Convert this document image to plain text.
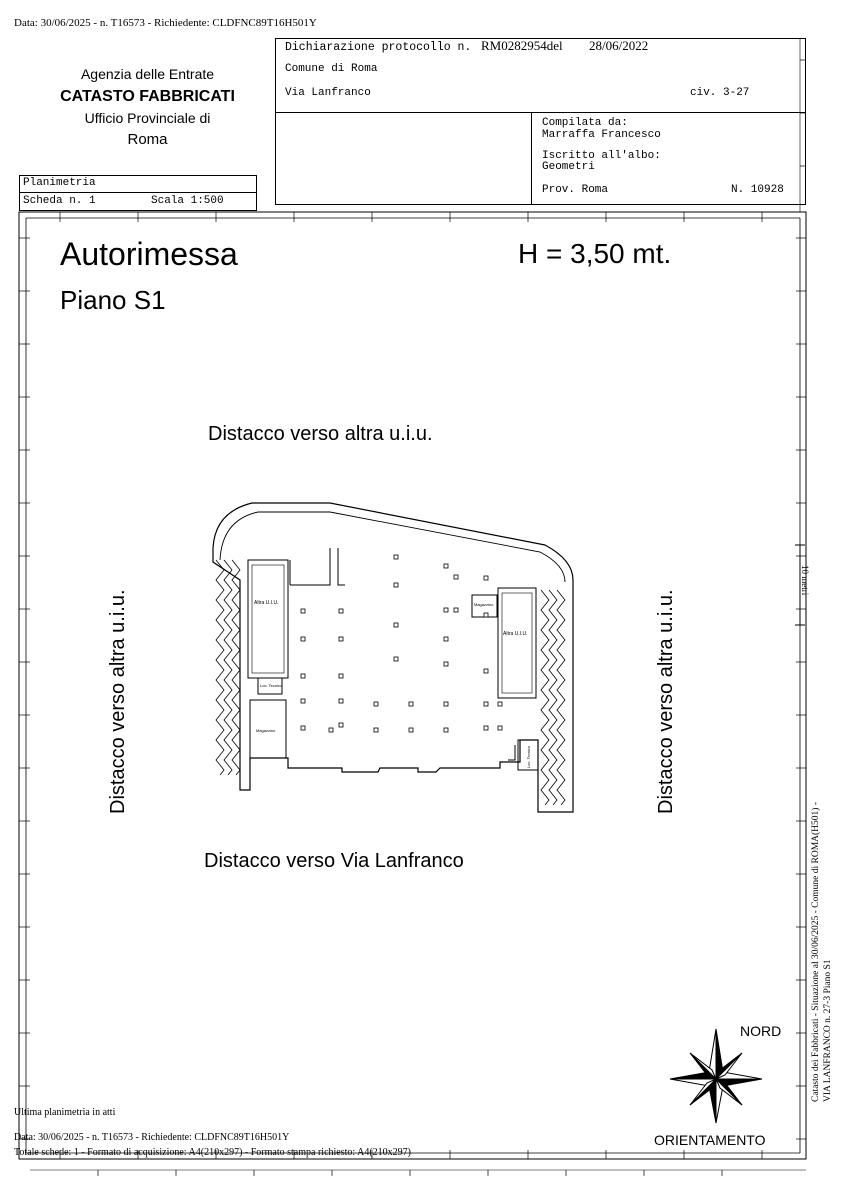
Data: 30/06/2025 - n. T16573 - Richiedente: CLDFNC89T16H501Y
Agenzia delle Entrate
CATASTO FABBRICATI
Ufficio Provinciale di
Roma
Dichiarazione protocollo n. RM0282954del 28/06/2022
Comune di Roma
Via Lanfranco	civ. 3-27
Compilata da:
Marraffa Francesco
Iscritto all'albo:
Geometri
Prov. Roma	N. 10928
Planimetria
Scheda n. 1	Scala 1:500
Autorimessa	H = 3,50 mt.
Piano S1
Distacco verso altra u.i.u.
Distacco verso Via Lanfranco
Distacco verso altra u.i.u.	Distacco verso altra u.i.u.
Altra U.I.U.
Altra U.I.U.
Magazzino
Magazzino
Loc. Tecnico
Loc. Tecnico
10 metri
NORD
ORIENTAMENTO
Catasto dei Fabbricati - Situazione al 30/06/2025 - Comune di ROMA(H501) - VIA LANFRANCO n. 27-3 Piano S1
Ultima planimetria in atti
Data: 30/06/2025 - n. T16573 - Richiedente: CLDFNC89T16H501Y
Totale schede: 1 - Formato di acquisizione: A4(210x297) - Formato stampa richiesto: A4(210x297)
